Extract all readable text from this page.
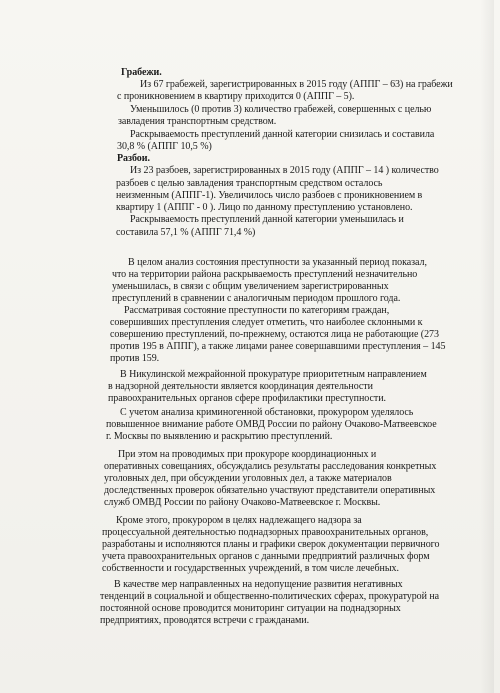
Грабежи.
Из 67 грабежей, зарегистрированных в 2015 году (АППГ – 63) на грабежи
с проникновением в квартиру приходится 0 (АППГ – 5).
Уменьшилось (0 против 3) количество грабежей, совершенных с целью
завладения транспортным средством.
Раскрываемость преступлений данной категории снизилась и составила
30,8 % (АППГ 10,5 %)
Разбои.
Из 23 разбоев, зарегистрированных в 2015 году (АППГ – 14 ) количество
разбоев с целью завладения транспортным средством осталось
неизменным (АППГ-1). Увеличилось число разбоев с проникновением в
квартиру 1 (АППГ - 0 ). Лицо по данному преступлению установлено.
Раскрываемость преступлений данной категории уменьшилась и
составила 57,1 % (АППГ 71,4 %)
В целом анализ состояния преступности за указанный период показал,
что на территории района раскрываемость преступлений незначительно
уменьшилась, в связи с общим увеличением зарегистрированных
преступлений в сравнении с аналогичным периодом прошлого года.
Рассматривая состояние преступности по категориям граждан,
совершивших преступления следует отметить, что наиболее склонными к
совершению преступлений, по-прежнему, остаются лица не работающие (273
против 195 в АППГ), а также лицами ранее совершавшими преступления – 145
против 159.
В Никулинской межрайонной прокуратуре приоритетным направлением
в надзорной деятельности является координация деятельности
правоохранительных органов сфере профилактики преступности.
С учетом анализа криминогенной обстановки, прокурором уделялось
повышенное внимание работе ОМВД России по району Очаково-Матвеевское
г. Москвы по выявлению и раскрытию преступлений.
При этом на проводимых при прокуроре координационных и
оперативных совещаниях, обсуждались результаты расследования конкретных
уголовных дел, при обсуждении уголовных дел, а также материалов
доследственных проверок обязательно участвуют представители оперативных
служб ОМВД России по району Очаково-Матвеевское г. Москвы.
Кроме этого, прокурором в целях надлежащего надзора за
процессуальной деятельностью поднадзорных правоохранительных органов,
разработаны и исполняются планы и графики сверок документации первичного
учета правоохранительных органов с данными предприятий различных форм
собственности и государственных учреждений, в том числе лечебных.
В качестве мер направленных на недопущение развития негативных
тенденций в социальной и общественно-политических сферах, прокуратурой на
постоянной основе проводится мониторинг ситуации на поднадзорных
предприятиях, проводятся встречи с гражданами.
